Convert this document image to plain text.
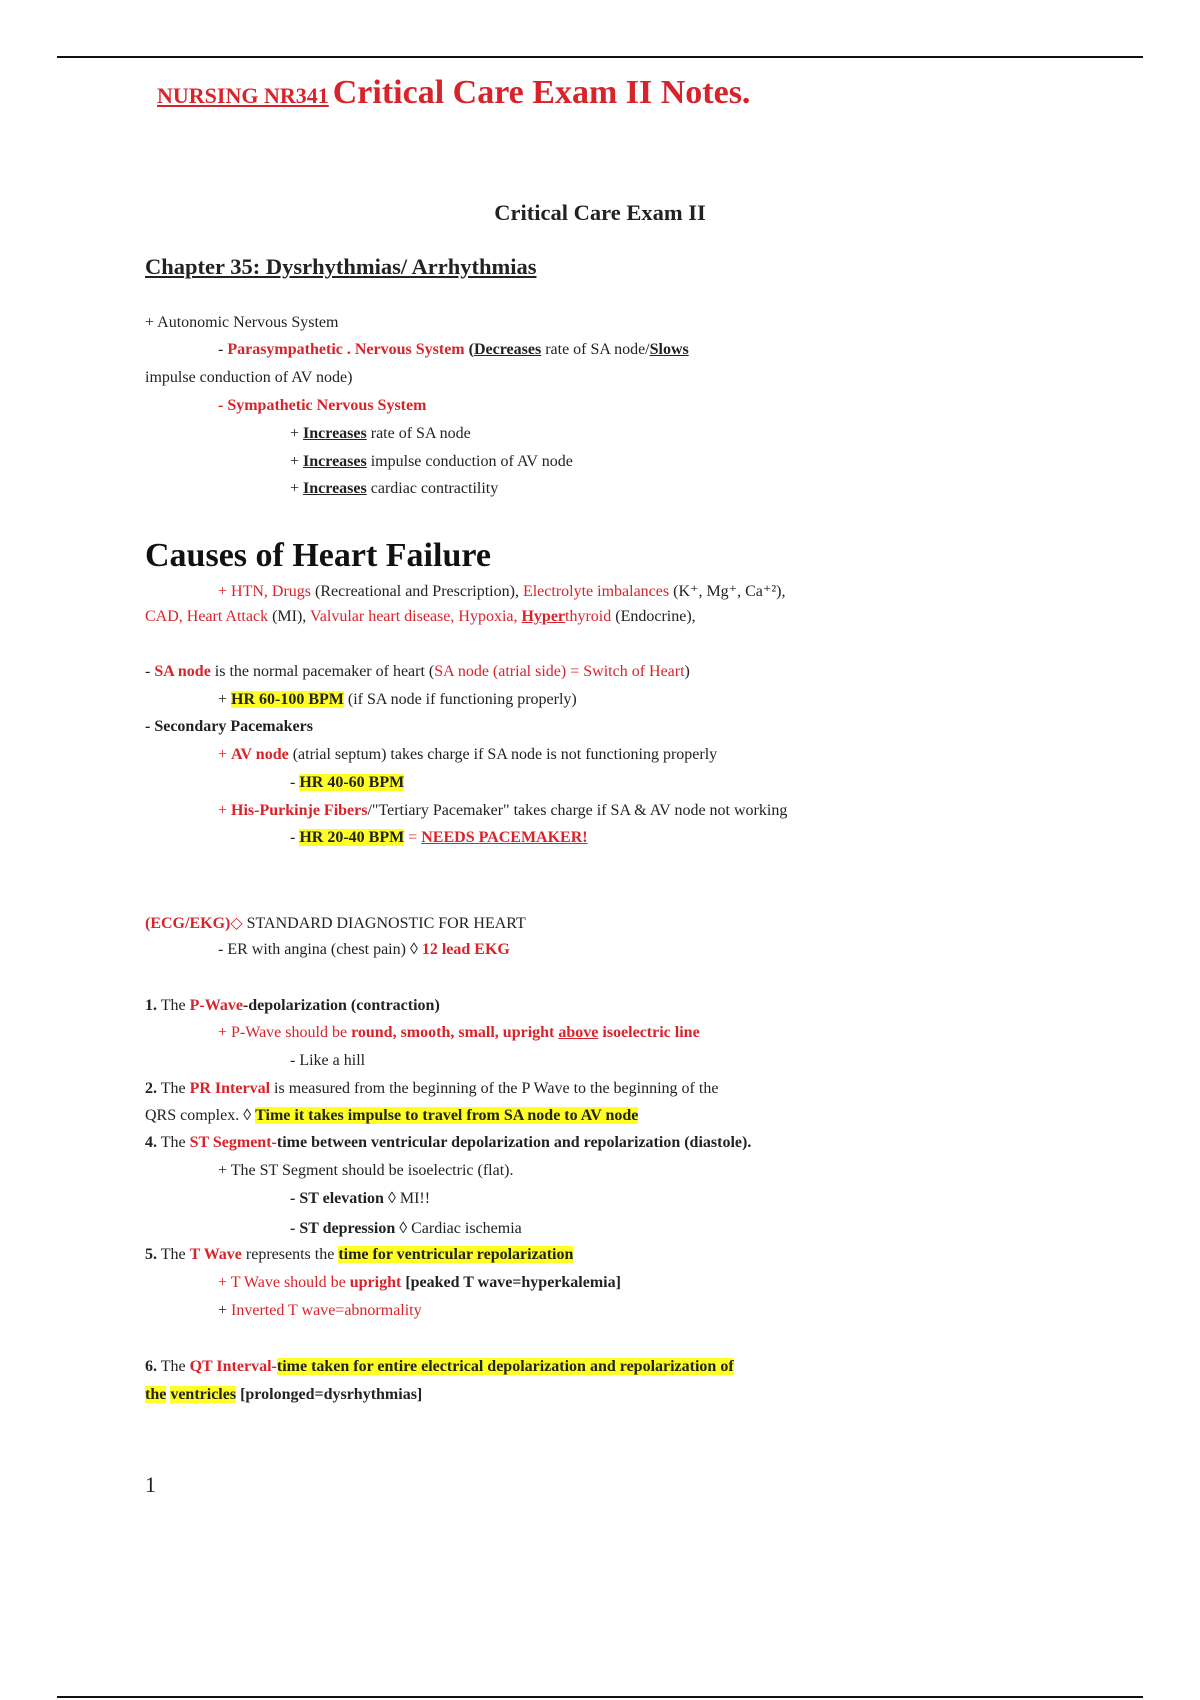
NURSING NR341 Critical Care Exam II Notes.
Critical Care Exam II
Chapter 35: Dysrhythmias/ Arrhythmias
+ Autonomic Nervous System
- Parasympathetic . Nervous System (Decreases rate of SA node/Slows
impulse conduction of AV node)
- Sympathetic Nervous System
+ Increases rate of SA node
+ Increases impulse conduction of AV node
+ Increases cardiac contractility
Causes of Heart Failure
+ HTN, Drugs (Recreational and Prescription), Electrolyte imbalances (K⁺, Mg⁺, Ca⁺²),
CAD, Heart Attack (MI), Valvular heart disease, Hypoxia, Hyperthyroid (Endocrine),
- SA node is the normal pacemaker of heart (SA node (atrial side) = Switch of Heart)
+ HR 60-100 BPM (if SA node if functioning properly)
- Secondary Pacemakers
+ AV node (atrial septum) takes charge if SA node is not functioning properly
- HR 40-60 BPM
+ His-Purkinje Fibers/"Tertiary Pacemaker" takes charge if SA & AV node not working
- HR 20-40 BPM = NEEDS PACEMAKER!
(ECG/EKG)◇ STANDARD DIAGNOSTIC FOR HEART
- ER with angina (chest pain) ◊ 12 lead EKG
1. The P-Wave-depolarization (contraction)
+ P-Wave should be round, smooth, small, upright above isoelectric line
- Like a hill
2. The PR Interval is measured from the beginning of the P Wave to the beginning of the
QRS complex. ◊ Time it takes impulse to travel from SA node to AV node
4. The ST Segment-time between ventricular depolarization and repolarization (diastole).
+ The ST Segment should be isoelectric (flat).
- ST elevation ◊ MI!!
- ST depression ◊ Cardiac ischemia
5. The T Wave represents the time for ventricular repolarization
+ T Wave should be upright [peaked T wave=hyperkalemia]
+ Inverted T wave=abnormality
6. The QT Interval-time taken for entire electrical depolarization and repolarization of
the ventricles [prolonged=dysrhythmias]
1
